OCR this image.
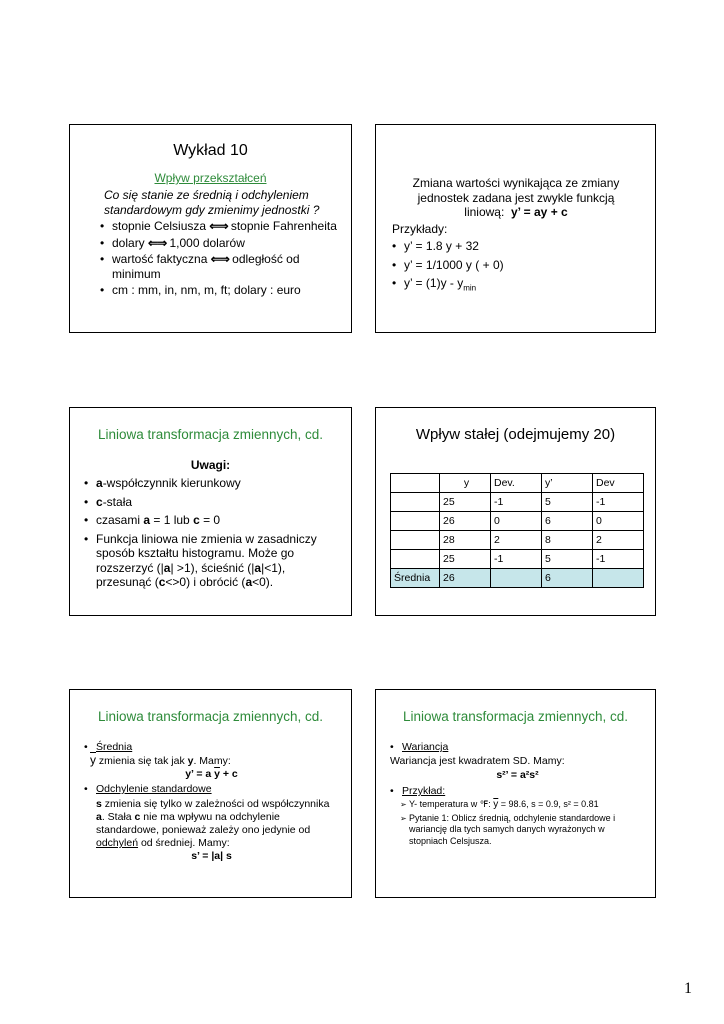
Wykład 10
Wpływ przekształceń
Co się stanie ze średnią i odchyleniem standardowym gdy zmienimy jednostki ?
• stopnie Celsiusza ⇐⇒ stopnie Fahrenheita
• dolary ⇐⇒ 1,000 dolarów
• wartość faktyczna ⇐⇒ odległość od minimum
• cm : mm, in, nm, m, ft; dolary : euro
Zmiana wartości wynikająca ze zmiany jednostek zadana jest zwykle funkcją liniową: y’ = ay + c
Przykłady:
• y’ = 1.8 y + 32
• y’ = 1/1000 y ( + 0)
• y’ = $(1)y - y_{min}$
Liniowa transformacja zmiennych, cd.
Uwagi:
• a-współczynnik kierunkowy
• c-stała
• czasami a = 1 lub c = 0
• Funkcja liniowa nie zmienia w zasadniczy sposób kształtu histogramu. Może go rozszerzyć (|a| >1), ścieśnić (|a|<1), przesunąć (c<>0) i obrócić (a<0).
Wpływ stałej (odejmujemy 20)
	y	Dev.	y’	Dev
	25	-1	5	-1
	26	0	6	0
	28	2	8	2
	25	-1	5	-1
Średnia	26		6	
Liniowa transformacja zmiennych, cd.
• Średnia
$\overline{y}$ zmienia się tak jak y. Mamy:
y’ = a $\overline{y} + c$
• Odchylenie standardowe
s zmienia się tylko w zależności od współczynnika a. Stała c nie ma wpływu na odchylenie standardowe, ponieważ zależy ono jedynie od odchyleń od średniej. Mamy:
s’ = |a| s
Liniowa transformacja zmiennych, cd.
• Wariancja
Wariancja jest kwadratem SD. Mamy:
s²’ = a²s²
• Przykład:
➢ Y- temperatura w ℉: $\overline{y} = 98.6$, s = 0.9, s² = 0.81
➢ Pytanie 1: Oblicz średnią, odchylenie standardowe i wariancję dla tych samych danych wyrażonych w stopniach Celsjusza.
1
